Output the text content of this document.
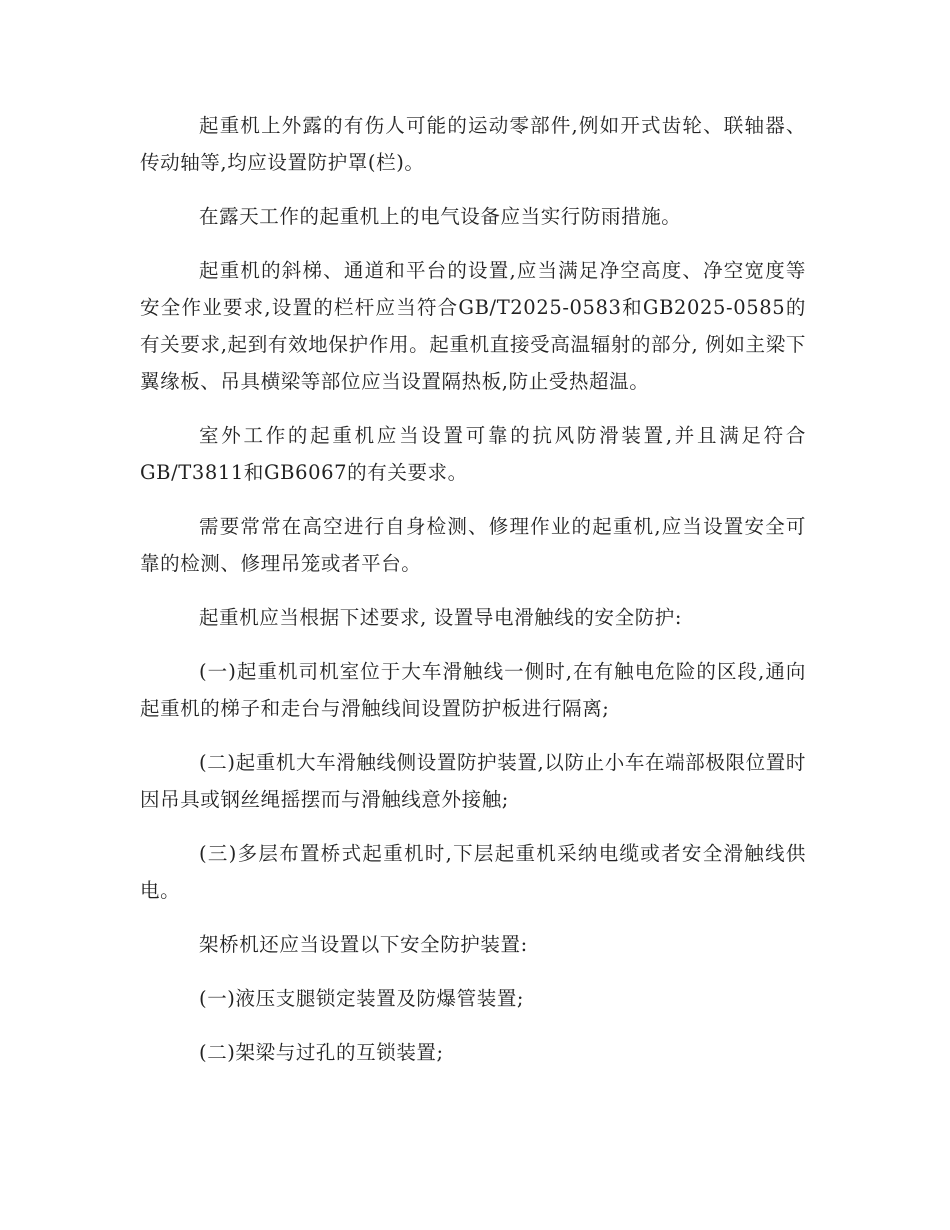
起重机上外露的有伤人可能的运动零部件,例如开式齿轮、联轴器、传动轴等,均应设置防护罩(栏)。

在露天工作的起重机上的电气设备应当实行防雨措施。

起重机的斜梯、通道和平台的设置,应当满足净空高度、净空宽度等安全作业要求,设置的栏杆应当符合GB/T2025-0583和GB2025-0585的有关要求,起到有效地保护作用。起重机直接受高温辐射的部分, 例如主梁下翼缘板、吊具横梁等部位应当设置隔热板,防止受热超温。

室外工作的起重机应当设置可靠的抗风防滑装置,并且满足符合GB/T3811和GB6067的有关要求。

需要常常在高空进行自身检测、修理作业的起重机,应当设置安全可靠的检测、修理吊笼或者平台。

起重机应当根据下述要求, 设置导电滑触线的安全防护:

(一)起重机司机室位于大车滑触线一侧时,在有触电危险的区段,通向起重机的梯子和走台与滑触线间设置防护板进行隔离;

(二)起重机大车滑触线侧设置防护装置,以防止小车在端部极限位置时因吊具或钢丝绳摇摆而与滑触线意外接触;

(三)多层布置桥式起重机时,下层起重机采纳电缆或者安全滑触线供电。

架桥机还应当设置以下安全防护装置:

(一)液压支腿锁定装置及防爆管装置;

(二)架梁与过孔的互锁装置;
